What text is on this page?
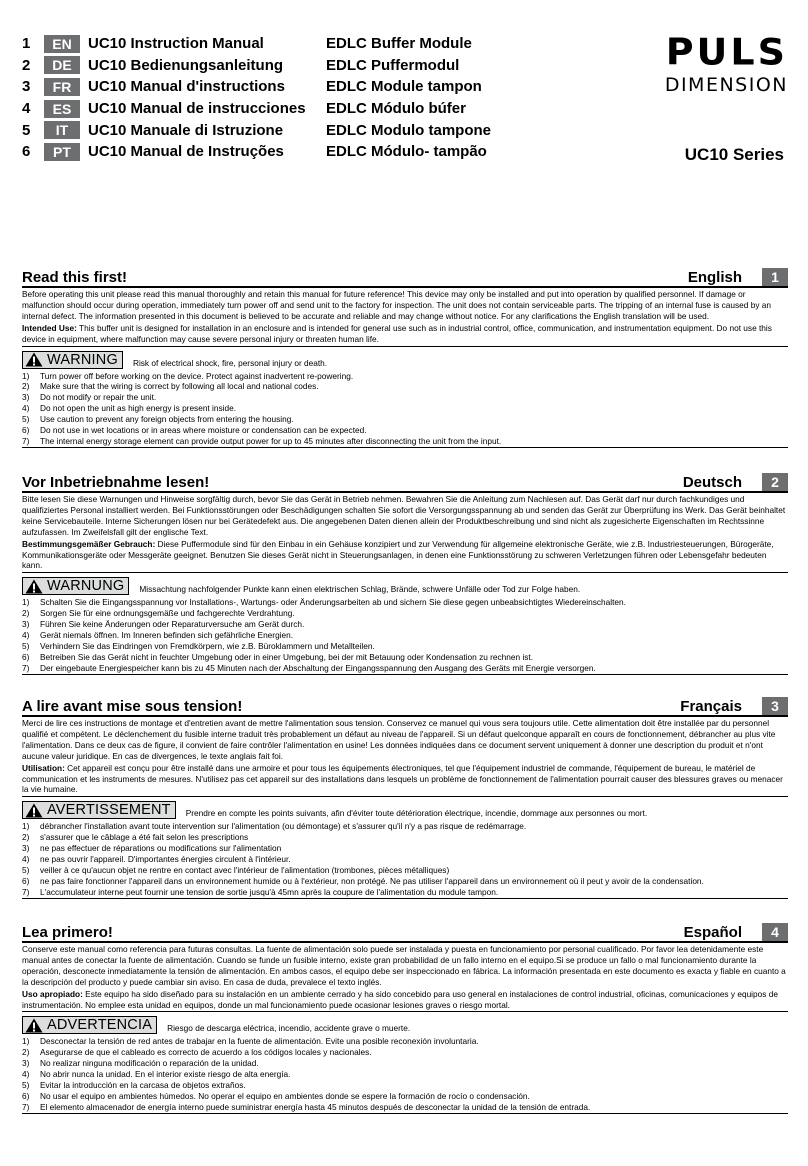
1	EN	UC10 Instruction Manual	EDLC Buffer Module
2	DE	UC10 Bedienungsanleitung	EDLC Puffermodul
3	FR	UC10 Manual d'instructions	EDLC Module tampon
4	ES	UC10 Manual de instrucciones	EDLC Módulo búfer
5	IT	UC10 Manuale di Istruzione	EDLC Modulo tampone
6	PT	UC10 Manual de Instruções	EDLC Módulo- tampão
PULS
DIMENSION
UC10 Series
Read this first!	English	1

Before operating this unit please read this manual thoroughly and retain this manual for future reference! This device may only be installed and put into operation by qualified personnel. If damage or malfunction should occur during operation, immediately turn power off and send unit to the factory for inspection. The unit does not contain serviceable parts. The tripping of an internal fuse is caused by an internal defect. The information presented in this document is believed to be accurate and reliable and may change without notice. For any clarifications the English translation will be used.

Intended Use: This buffer unit is designed for installation in an enclosure and is intended for general use such as in industrial control, office, communication, and instrumentation equipment. Do not use this device in equipment, where malfunction may cause severe personal injury or threaten human life.

WARNING Risk of electrical shock, fire, personal injury or death.
1)	Turn power off before working on the device. Protect against inadvertent re-powering.
2)	Make sure that the wiring is correct by following all local and national codes.
3)	Do not modify or repair the unit.
4)	Do not open the unit as high energy is present inside.
5)	Use caution to prevent any foreign objects from entering the housing.
6)	Do not use in wet locations or in areas where moisture or condensation can be expected.
7)	The internal energy storage element can provide output power for up to 45 minutes after disconnecting the unit from the input.
Vor Inbetriebnahme lesen!	Deutsch	2

Bitte lesen Sie diese Warnungen und Hinweise sorgfältig durch, bevor Sie das Gerät in Betrieb nehmen. Bewahren Sie die Anleitung zum Nachlesen auf. Das Gerät darf nur durch fachkundiges und qualifiziertes Personal installiert werden. Bei Funktionsstörungen oder Beschädigungen schalten Sie sofort die Versorgungsspannung ab und senden das Gerät zur Überprüfung ins Werk. Das Gerät beinhaltet keine Servicebauteile. Interne Sicherungen lösen nur bei Gerätedefekt aus. Die angegebenen Daten dienen allein der Produktbeschreibung und sind nicht als zugesicherte Eigenschaften im Rechtssinne aufzufassen. Im Zweifelsfall gilt der englische Text.

Bestimmungsgemäßer Gebrauch: Diese Puffermodule sind für den Einbau in ein Gehäuse konzipiert und zur Verwendung für allgemeine elektronische Geräte, wie z.B. Industriesteuerungen, Bürogeräte, Kommunikationsgeräte oder Messgeräte geeignet. Benutzen Sie dieses Gerät nicht in Steuerungsanlagen, in denen eine Funktionsstörung zu schweren Verletzungen führen oder Lebensgefahr bedeuten kann.

WARNUNG Missachtung nachfolgender Punkte kann einen elektrischen Schlag, Brände, schwere Unfälle oder Tod zur Folge haben.
1)	Schalten Sie die Eingangsspannung vor Installations-, Wartungs- oder Änderungsarbeiten ab und sichern Sie diese gegen unbeabsichtigtes Wiedereinschalten.
2)	Sorgen Sie für eine ordnungsgemäße und fachgerechte Verdrahtung.
3)	Führen Sie keine Änderungen oder Reparaturversuche am Gerät durch.
4)	Gerät niemals öffnen. Im Inneren befinden sich gefährliche Energien.
5)	Verhindern Sie das Eindringen von Fremdkörpern, wie z.B. Büroklammern und Metallteilen.
6)	Betreiben Sie das Gerät nicht in feuchter Umgebung oder in einer Umgebung, bei der mit Betauung oder Kondensation zu rechnen ist.
7)	Der eingebaute Energiespeicher kann bis zu 45 Minuten nach der Abschaltung der Eingangsspannung den Ausgang des Geräts mit Energie versorgen.
A lire avant mise sous tension!	Français	3

Merci de lire ces instructions de montage et d'entretien avant de mettre l'alimentation sous tension. Conservez ce manuel qui vous sera toujours utile. Cette alimentation doit être installée par du personnel qualifié et compétent. Le déclenchement du fusible interne traduit très probablement un défaut au niveau de l'appareil. Si un défaut quelconque apparaît en cours de fonctionnement, débrancher au plus vite l'alimentation. Dans ce deux cas de figure, il convient de faire contrôler l'alimentation en usine! Les données indiquées dans ce document servent uniquement à donner une description du produit et n'ont aucune valeur juridique. En cas de divergences, le texte anglais fait foi.

Utilisation: Cet appareil est conçu pour être installé dans une armoire et pour tous les équipements électroniques, tel que l'équipement industriel de commande, l'équipement de bureau, le matériel de communication et les instruments de mesures. N'utilisez pas cet appareil sur des installations dans lesquels un problème de fonctionnement de l'alimentation pourrait causer des blessures graves ou menacer la vie humaine.

AVERTISSEMENT Prendre en compte les points suivants, afin d'éviter toute détérioration électrique, incendie, dommage aux personnes ou mort.
1)	débrancher l'installation avant toute intervention sur l'alimentation (ou démontage) et s'assurer qu'il n'y a pas risque de redémarrage.
2)	s'assurer que le câblage a été fait selon les prescriptions
3)	ne pas effectuer de réparations ou modifications sur l'alimentation
4)	ne pas ouvrir l'appareil. D'importantes énergies circulent à l'intérieur.
5)	veiller à ce qu'aucun objet ne rentre en contact avec l'intérieur de l'alimentation (trombones, pièces métalliques)
6)	ne pas faire fonctionner l'appareil dans un environnement humide ou à l'extérieur, non protégé. Ne pas utiliser l'appareil dans un environnement où il peut y avoir de la condensation.
7)	L'accumulateur interne peut fournir une tension de sortie jusqu'à 45mn après la coupure de l'alimentation du module tampon.
Lea primero!	Español	4

Conserve este manual como referencia para futuras consultas. La fuente de alimentación solo puede ser instalada y puesta en funcionamiento por personal cualificado. Por favor lea detenidamente este manual antes de conectar la fuente de alimentación. Cuando se funde un fusible interno, existe gran probabilidad de un fallo interno en el equipo.Si se produce un fallo o mal funcionamiento durante la operación, desconecte inmediatamente la tensión de alimentación. En ambos casos, el equipo debe ser inspeccionado en fábrica. La información presentada en este documento es exacta y fiable en cuanto a la descripción del producto y puede cambiar sin aviso. En casa de duda, prevalece el texto inglés.

Uso apropiado: Este equipo ha sido diseñado para su instalación en un ambiente cerrado y ha sido concebido para uso general en instalaciones de control industrial, oficinas, comunicaciones y equipos de instrumentación. No emplee esta unidad en equipos, donde un mal funcionamiento puede ocasionar lesiones graves o riesgo mortal.

ADVERTENCIA Riesgo de descarga eléctrica, incendio, accidente grave o muerte.
1)	Desconectar la tensión de red antes de trabajar en la fuente de alimentación. Evite una posible reconexión involuntaria.
2)	Asegurarse de que el cableado es correcto de acuerdo a los códigos locales y nacionales.
3)	No realizar ninguna modificación o reparación de la unidad.
4)	No abrir nunca la unidad. En el interior existe riesgo de alta energía.
5)	Evitar la introducción en la carcasa de objetos extraños.
6)	No usar el equipo en ambientes húmedos. No operar el equipo en ambientes donde se espere la formación de rocío o condensación.
7)	El elemento almacenador de energía interno puede suministrar energía hasta 45 minutos después de desconectar la unidad de la tensión de entrada.
